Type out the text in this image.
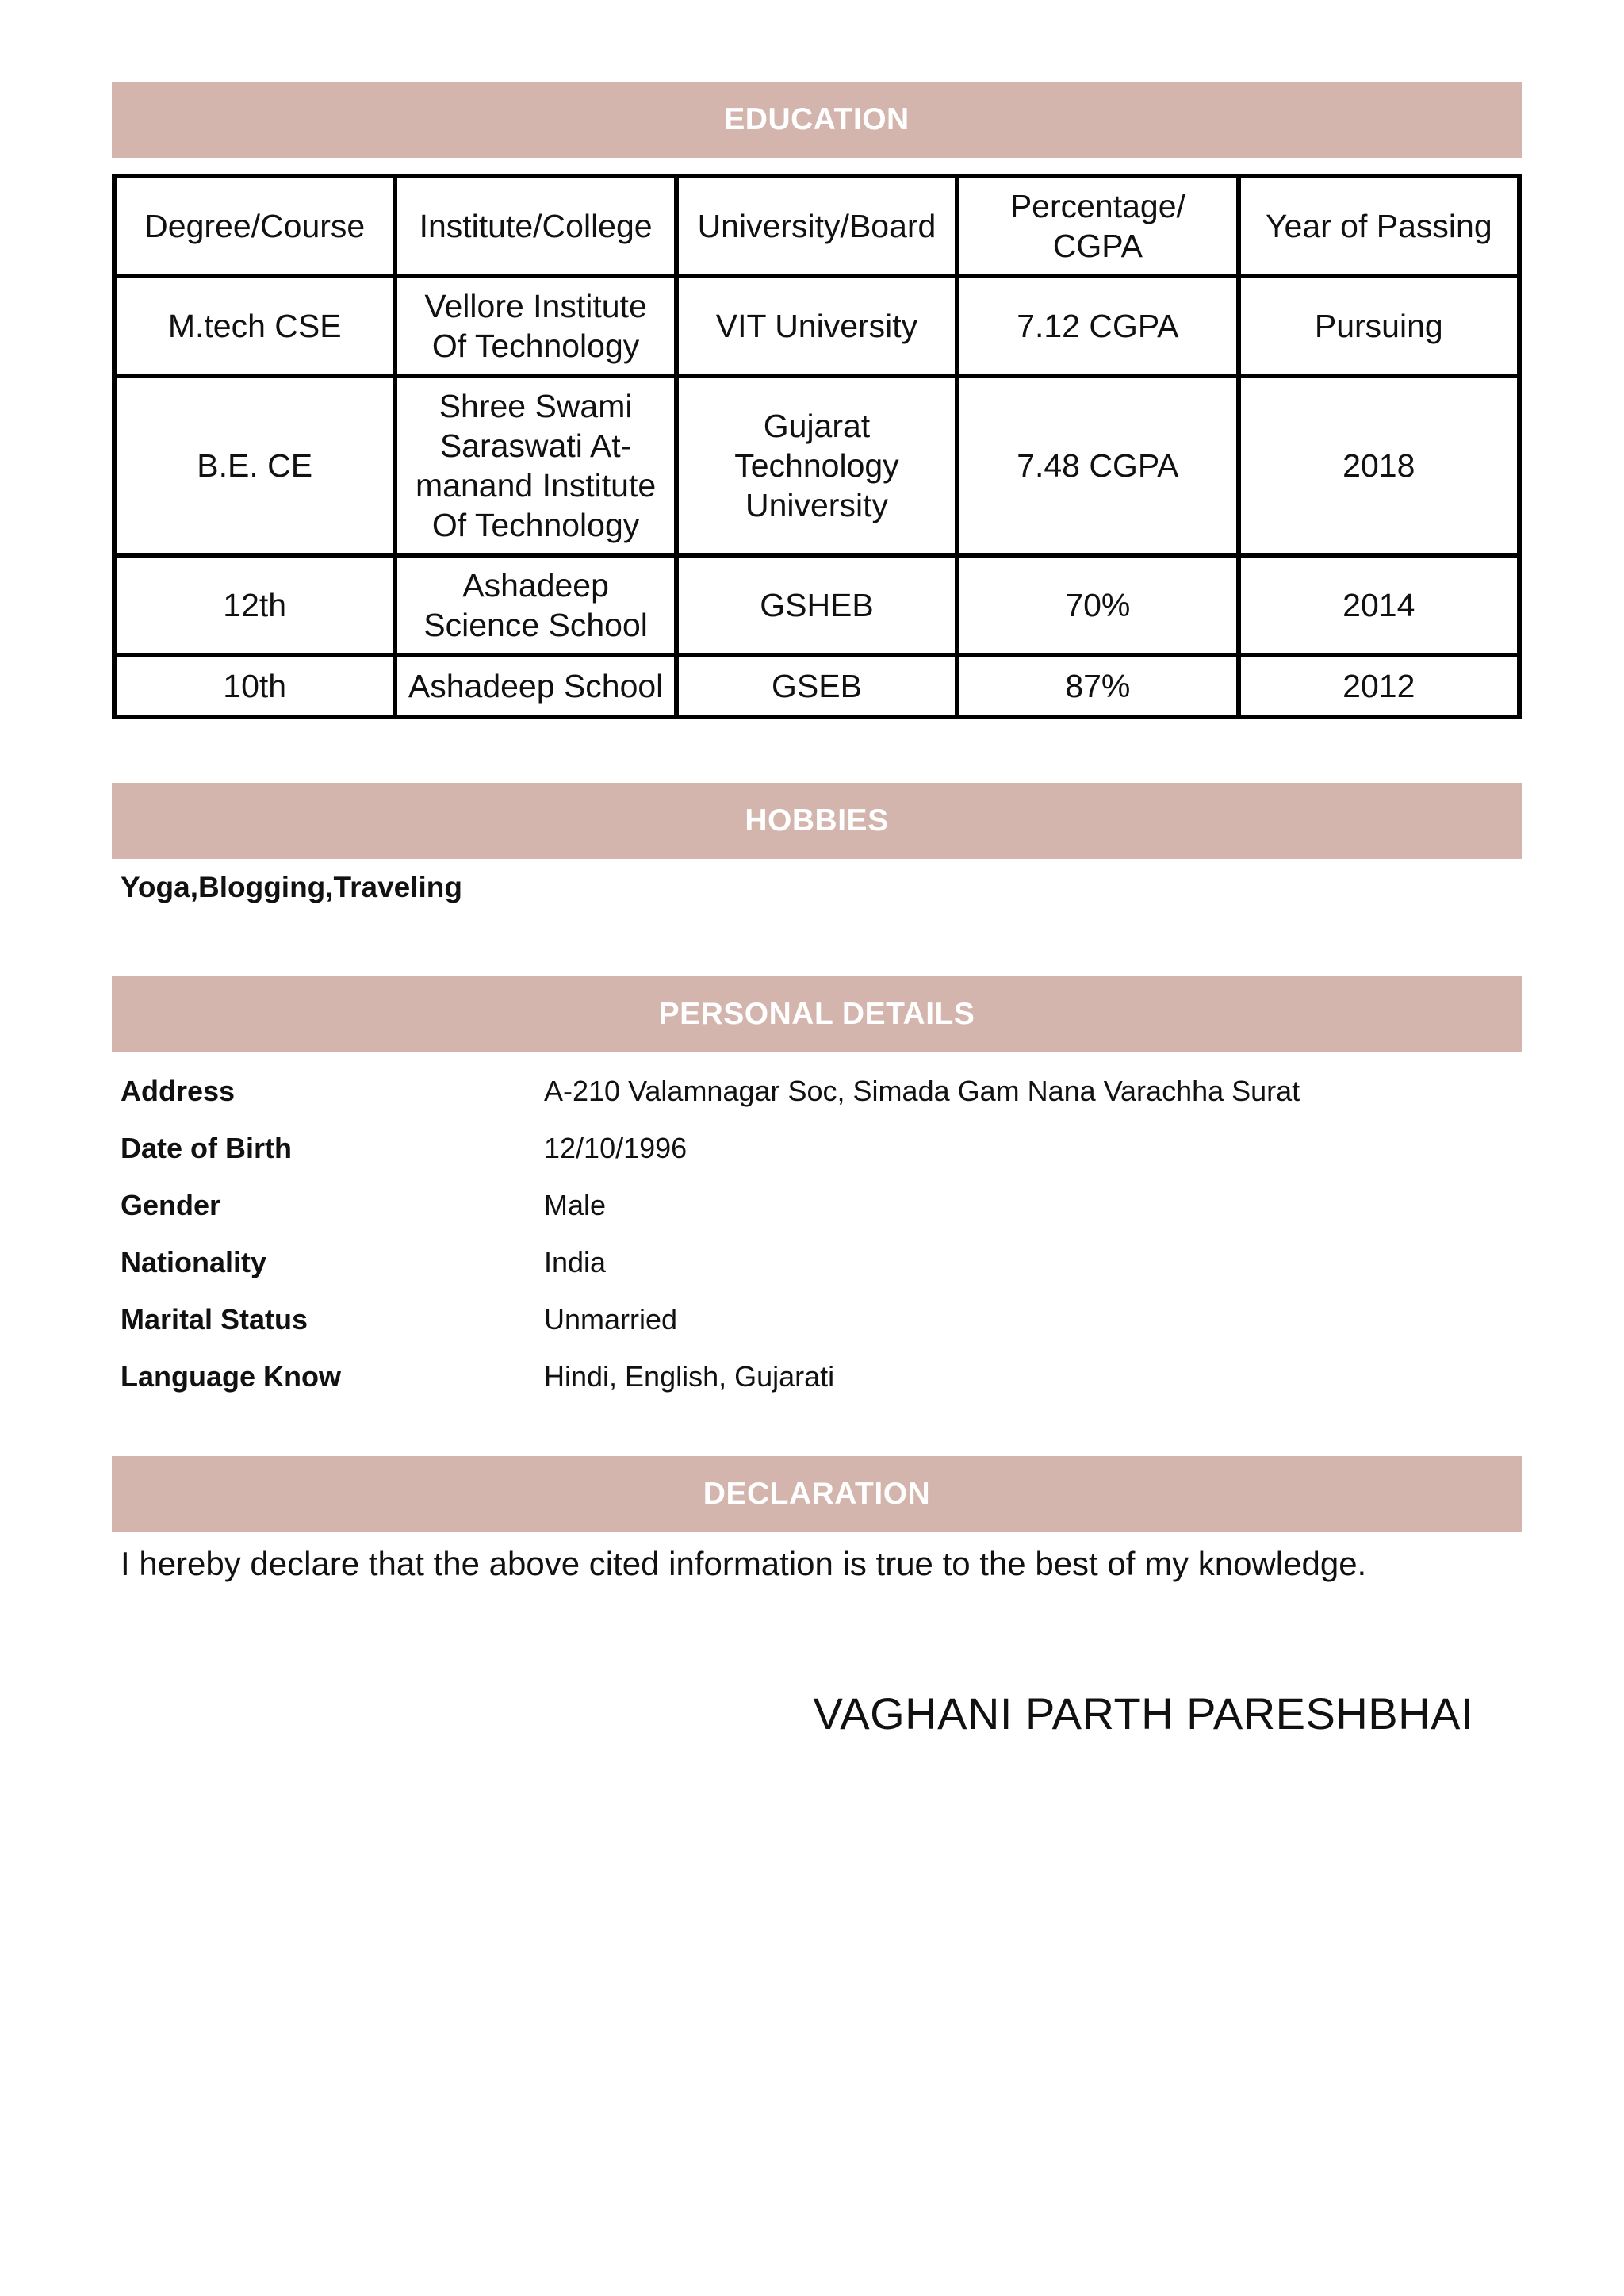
EDUCATION
Degree/Course	Institute/College	University/Board	Percentage/ CGPA	Year of Passing
M.tech CSE	Vellore Institute Of Technology	VIT University	7.12 CGPA	Pursuing
B.E. CE	Shree Swami Saraswati At- manand Institute Of Technology	Gujarat Technology University	7.48 CGPA	2018
12th	Ashadeep Science School	GSHEB	70%	2014
10th	Ashadeep School	GSEB	87%	2012
HOBBIES
Yoga,Blogging,Traveling
PERSONAL DETAILS
Address	A-210 Valamnagar Soc, Simada Gam Nana Varachha Surat
Date of Birth	12/10/1996
Gender	Male
Nationality	India
Marital Status	Unmarried
Language Know	Hindi, English, Gujarati
DECLARATION
I hereby declare that the above cited information is true to the best of my knowledge.
VAGHANI PARTH PARESHBHAI
